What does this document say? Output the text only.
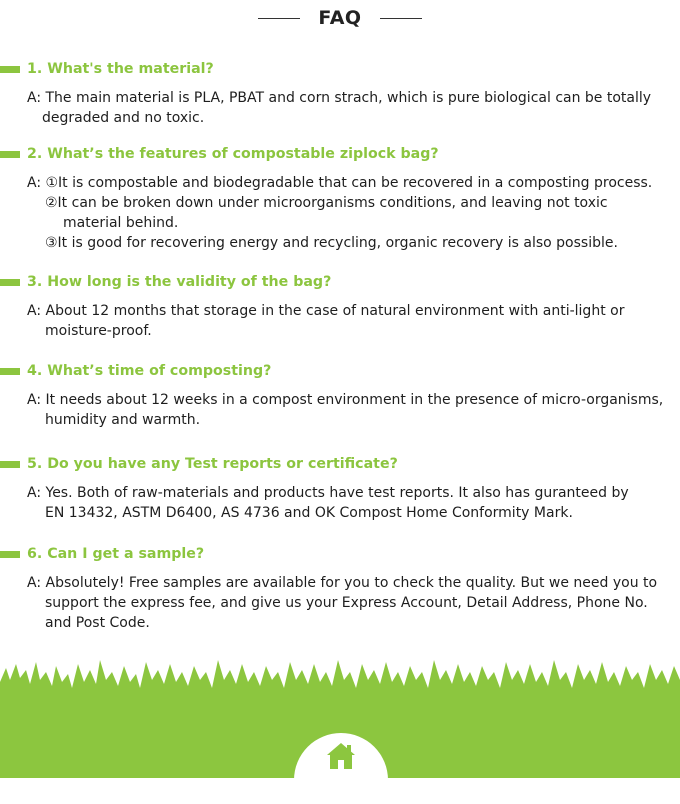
FAQ
1. What's the material?
A: The main material is PLA, PBAT and corn strach, which is pure biological can be totally
degraded and no toxic.
2. What’s the features of compostable ziplock bag?
A: ①It is compostable and biodegradable that can be recovered in a composting process.
②It can be broken down under microorganisms conditions, and leaving not toxic
material behind.
③It is good for recovering energy and recycling, organic recovery is also possible.
3. How long is the validity of the bag?
A: About 12 months that storage in the case of natural environment with anti-light or
moisture-proof.
4. What’s time of composting?
A: It needs about 12 weeks in a compost environment in the presence of micro-organisms,
humidity and warmth.
5. Do you have any Test reports or certificate?
A: Yes. Both of raw-materials and products have test reports. It also has guranteed by
EN 13432, ASTM D6400, AS 4736 and OK Compost Home Conformity Mark.
6. Can I get a sample?
A: Absolutely! Free samples are available for you to check the quality. But we need you to
support the express fee, and give us your Express Account, Detail Address, Phone No.
and Post Code.
